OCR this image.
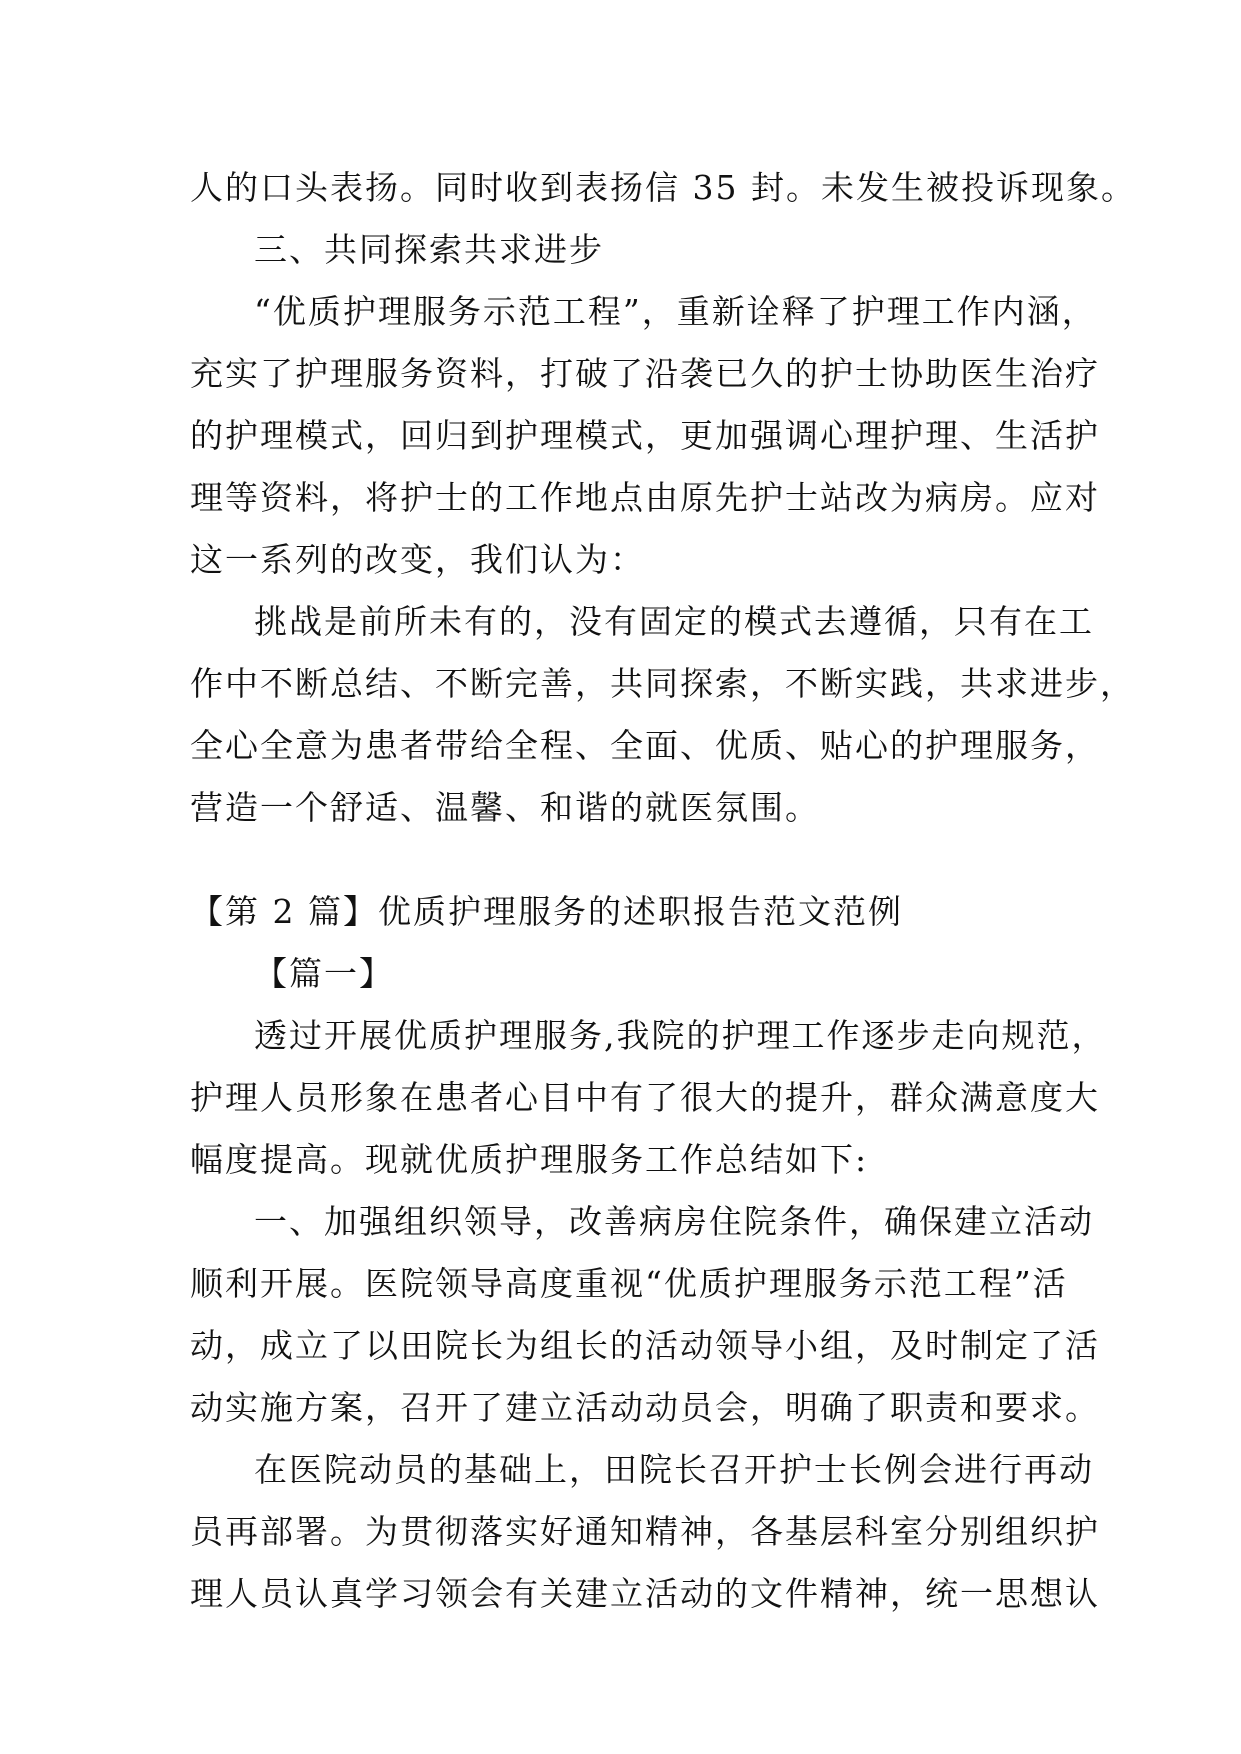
人的口头表扬。同时收到表扬信 35 封。未发生被投诉现象。
三、共同探索共求进步
“优质护理服务示范工程”，重新诠释了护理工作内涵，
充实了护理服务资料，打破了沿袭已久的护士协助医生治疗
的护理模式，回归到护理模式，更加强调心理护理、生活护
理等资料，将护士的工作地点由原先护士站改为病房。应对
这一系列的改变，我们认为：
挑战是前所未有的，没有固定的模式去遵循，只有在工
作中不断总结、不断完善，共同探索，不断实践，共求进步，
全心全意为患者带给全程、全面、优质、贴心的护理服务，
营造一个舒适、温馨、和谐的就医氛围。
【第 2 篇】优质护理服务的述职报告范文范例
【篇一】
透过开展优质护理服务,我院的护理工作逐步走向规范，
护理人员形象在患者心目中有了很大的提升，群众满意度大
幅度提高。现就优质护理服务工作总结如下:
一、加强组织领导，改善病房住院条件，确保建立活动
顺利开展。医院领导高度重视“优质护理服务示范工程”活
动，成立了以田院长为组长的活动领导小组，及时制定了活
动实施方案，召开了建立活动动员会，明确了职责和要求。
在医院动员的基础上，田院长召开护士长例会进行再动
员再部署。为贯彻落实好通知精神，各基层科室分别组织护
理人员认真学习领会有关建立活动的文件精神，统一思想认
